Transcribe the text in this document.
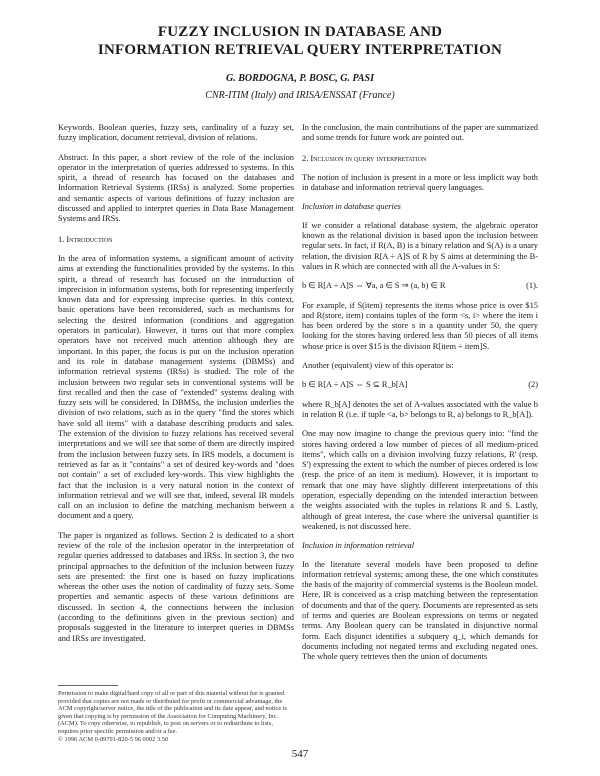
FUZZY INCLUSION IN DATABASE AND
INFORMATION RETRIEVAL QUERY INTERPRETATION
G. BORDOGNA, P. BOSC, G. PASI
CNR-ITIM (Italy) and IRISA/ENSSAT (France)

Keywords. Boolean queries, fuzzy sets, cardinality of a fuzzy set, fuzzy implication, document retrieval, division of relations.

Abstract. In this paper, a short review of the role of the inclusion operator in the interpretation of queries addressed to systems. In this spirit, a thread of research has focused on the databases and Information Retrieval Systems (IRSs) is analyzed. Some properties and semantic aspects of various definitions of fuzzy inclusion are discussed and applied to interpret queries in Data Base Management Systems and IRSs.

1. Introduction

In the area of information systems, a significant amount of activity aims at extending the functionalities provided by the systems. In this spirit, a thread of research has focused on the introduction of imprecision in information systems, both for representing imperfectly known data and for expressing imprecise queries. In this context, basic operations have been reconsidered, such as mechanisms for selecting the desired information (conditions and aggregation operators in particular). However, it turns out that more complex operators have not received much attention although they are important. In this paper, the focus is put on the inclusion operation and its role in database management systems (DBMSs) and information retrieval systems (IRSs) is studied. The role of the inclusion between two regular sets in conventional systems will be first recalled and then the case of "extended" systems dealing with fuzzy sets will be considered. In DBMSs, the inclusion underlies the division of two relations, such as in the query "find the stores which have sold all items" with a database describing products and sales. The extension of the division to fuzzy relations has received several interpretations and we will see that some of them are directly inspired from the inclusion between fuzzy sets. In IRS models, a document is retrieved as far as it "contains" a set of desired key-words and "does not contain" a set of excluded key-words. This view highlights the fact that the inclusion is a very natural notion in the context of information retrieval and we will see that, indeed, several IR models call on an inclusion to define the matching mechanism between a document and a query.

The paper is organized as follows. Section 2 is dedicated to a short review of the role of the inclusion operator in the interpretation of regular queries addressed to databases and IRSs. In section 3, the two principal approaches to the definition of the inclusion between fuzzy sets are presented: the first one is based on fuzzy implications whereas the other uses the notion of cardinality of fuzzy sets. Some properties and semantic aspects of these various definitions are discussed. In section 4, the connections between the inclusion (according to the definitions given in the previous section) and proposals suggested in the literature to interpret queries in DBMSs and IRSs are investigated.

Permission to make digital/hard copy of all or part of this material without fee is granted provided that copies are not made or distributed for profit or commercial advantage, the ACM copyright/server notice, the title of the publication and its date appear, and notice is given that copying is by permission of the Association for Computing Machinery, Inc. (ACM). To copy otherwise, to republish, to post on servers or to redistribute to lists, requires prior specific permission and/or a fee.
© 1996 ACM 0-89791-820-5 96 0002 3.50

In the conclusion, the main contributions of the paper are summarized and some trends for future work are pointed out.

2. Inclusion in query interpretation

The notion of inclusion is present in a more or less implicit way both in database and information retrieval query languages.

Inclusion in database queries

If we consider a relational database system, the algebraic operator known as the relational division is based upon the inclusion between regular sets. In fact, if R(A, B) is a binary relation and S(A) is a unary relation, the division R[A ÷ A]S of R by S aims at determining the B-values in R which are connected with all the A-values in S:

b ∈ R[A ÷ A]S ⇔ ∀a, a ∈ S ⇒ (a, b) ∈ R	(1).

For example, if S(item) represents the items whose price is over $15 and R(store, item) contains tuples of the form <s, i> where the item i has been ordered by the store s in a quantity under 50, the query looking for the stores having ordered less than 50 pieces of all items whose price is over $15 is the division R[item ÷ item]S.

Another (equivalent) view of this operator is:

b ∈ R[A ÷ A]S ⇔ S ⊆ R_b[A]	(2)

where R_b[A] denotes the set of A-values associated with the value b in relation R (i.e. if tuple <a, b> belongs to R, a) belongs to R_b[A]).

One may now imagine to change the previous query into: "find the stores having ordered a low number of pieces of all medium-priced items", which calls on a division involving fuzzy relations, R' (resp. S') expressing the extent to which the number of pieces ordered is low (resp. the price of an item is medium). However, it is important to remark that one may have slightly different interpretations of this operation, especially depending on the intended interaction between the weights associated with the tuples in relations R and S. Lastly, although of great interest, the case where the universal quantifier is weakened, is not discussed here.

Inclusion in information retrieval

In the literature several models have been proposed to define information retrieval systems; among these, the one which constitutes the basis of the majority of commercial systems is the Boolean model. Here, IR is conceived as a crisp matching between the representation of documents and that of the query. Documents are represented as sets of terms and queries are Boolean expressions on terms or negated terms. Any Boolean query can be translated in disjunctive normal form. Each disjunct identifies a subquery q_i, which demands for documents including not negated terms and excluding negated ones. The whole query retrieves then the union of documents

547
